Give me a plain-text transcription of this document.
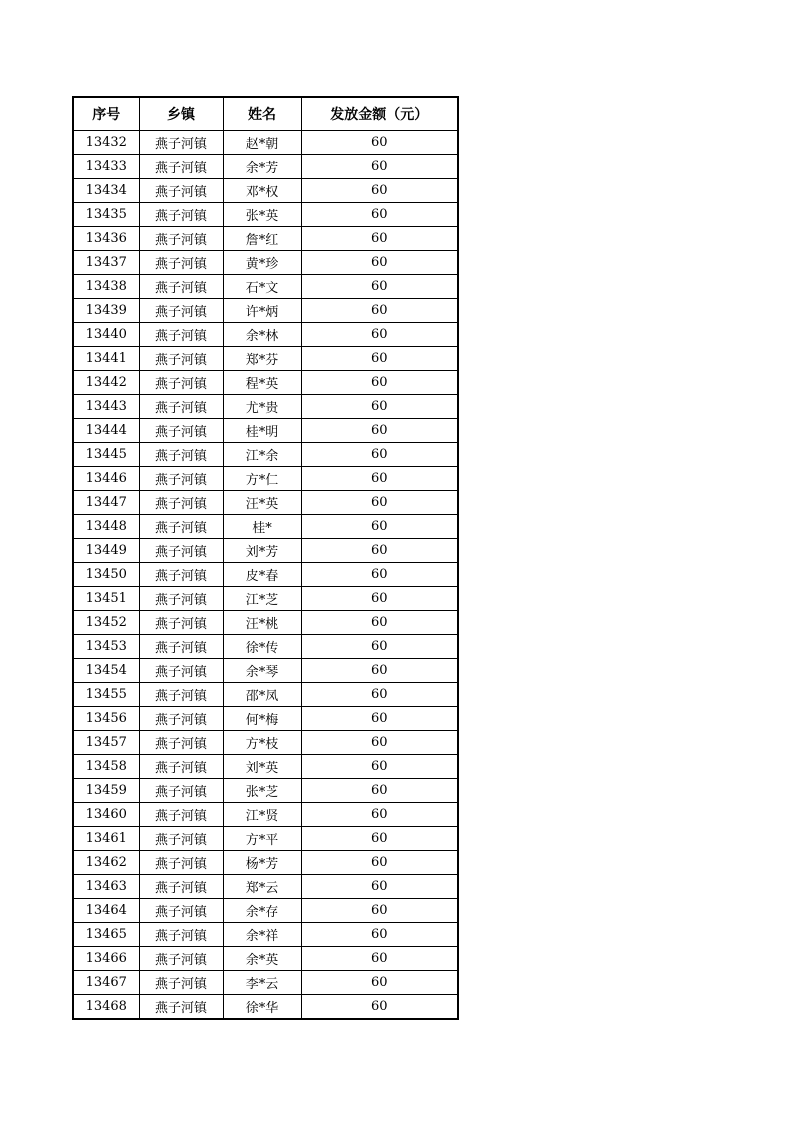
序号	乡镇	姓名	发放金额（元）
13432	燕子河镇	赵*朝	60
13433	燕子河镇	余*芳	60
13434	燕子河镇	邓*权	60
13435	燕子河镇	张*英	60
13436	燕子河镇	詹*红	60
13437	燕子河镇	黄*珍	60
13438	燕子河镇	石*文	60
13439	燕子河镇	许*炳	60
13440	燕子河镇	余*林	60
13441	燕子河镇	郑*芬	60
13442	燕子河镇	程*英	60
13443	燕子河镇	尤*贵	60
13444	燕子河镇	桂*明	60
13445	燕子河镇	江*余	60
13446	燕子河镇	方*仁	60
13447	燕子河镇	汪*英	60
13448	燕子河镇	桂*	60
13449	燕子河镇	刘*芳	60
13450	燕子河镇	皮*春	60
13451	燕子河镇	江*芝	60
13452	燕子河镇	汪*桃	60
13453	燕子河镇	徐*传	60
13454	燕子河镇	余*琴	60
13455	燕子河镇	邵*凤	60
13456	燕子河镇	何*梅	60
13457	燕子河镇	方*枝	60
13458	燕子河镇	刘*英	60
13459	燕子河镇	张*芝	60
13460	燕子河镇	江*贤	60
13461	燕子河镇	方*平	60
13462	燕子河镇	杨*芳	60
13463	燕子河镇	郑*云	60
13464	燕子河镇	余*存	60
13465	燕子河镇	余*祥	60
13466	燕子河镇	余*英	60
13467	燕子河镇	李*云	60
13468	燕子河镇	徐*华	60
